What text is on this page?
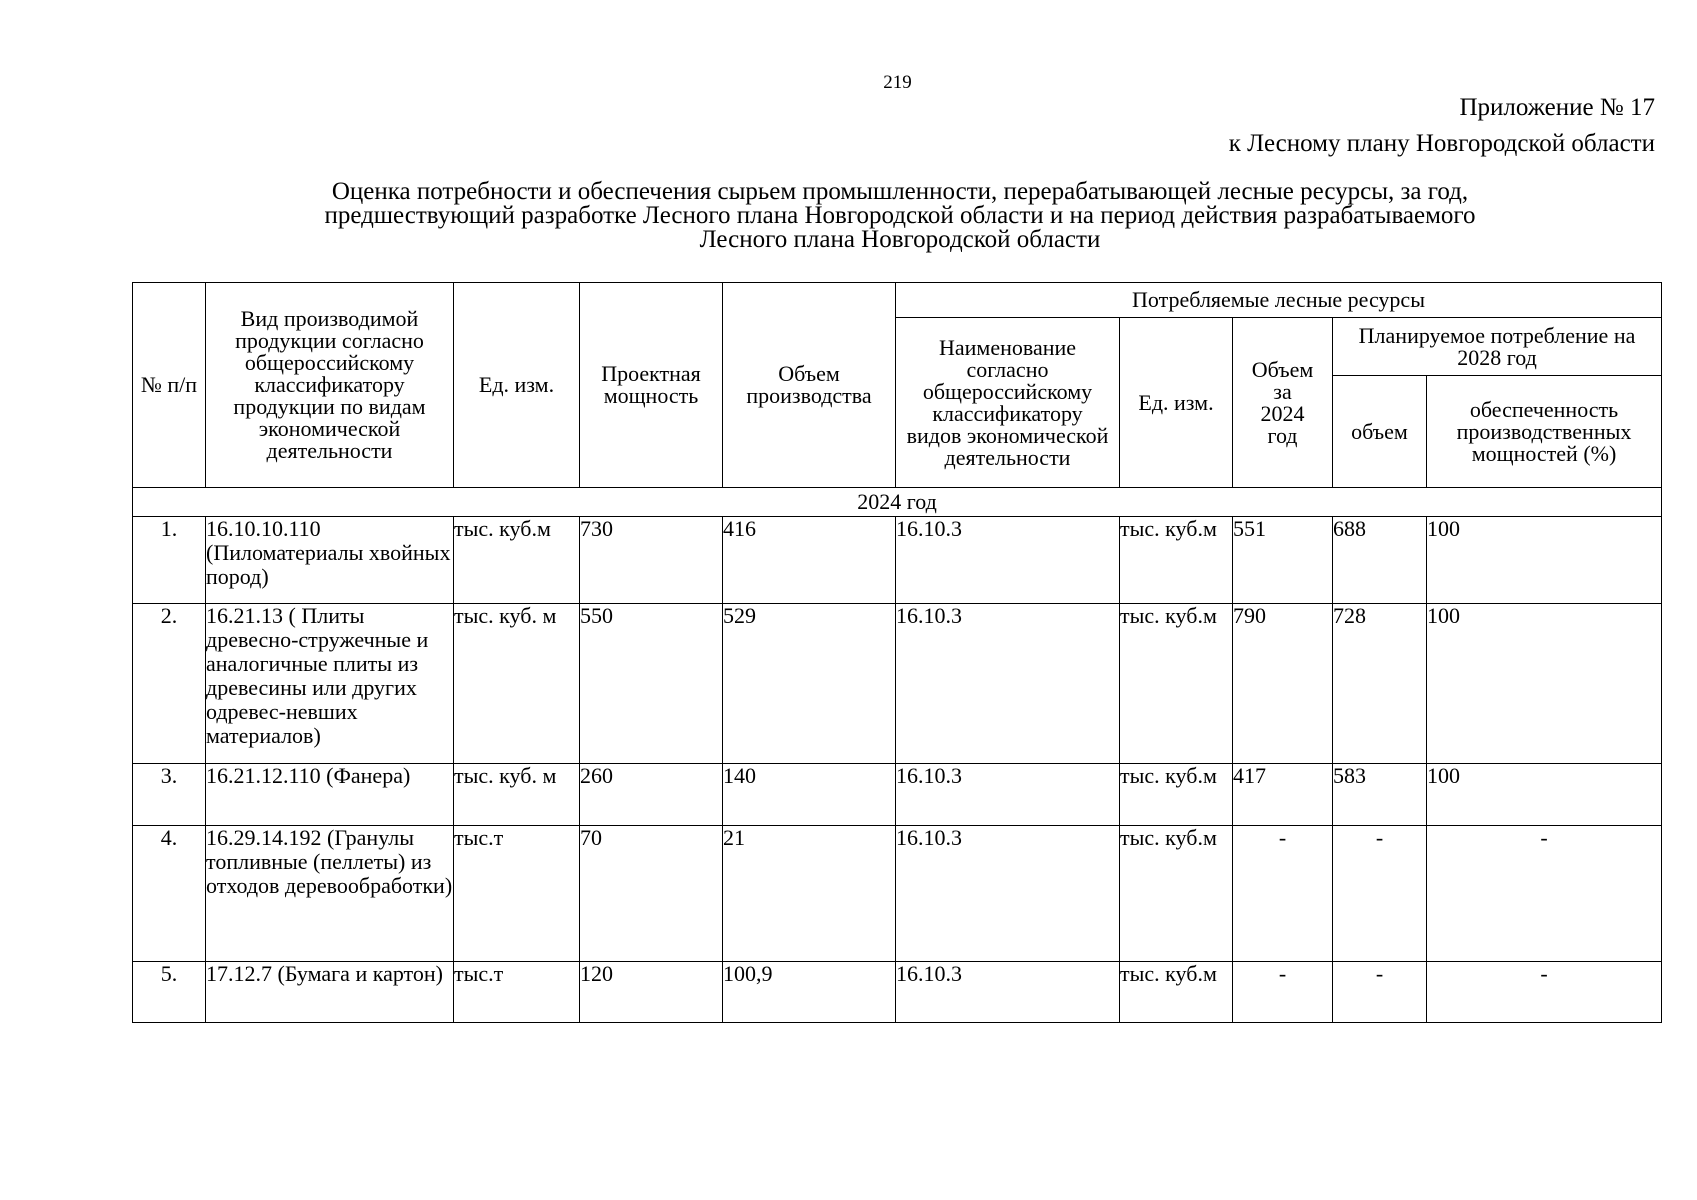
219
Приложение № 17
к Лесному плану Новгородской области
Оценка потребности и обеспечения сырьем промышленности, перерабатывающей лесные ресурсы, за год,
предшествующий разработке Лесного плана Новгородской области и на период действия разрабатываемого
Лесного плана Новгородской области
№ п/п	Вид производимой продукции согласно общероссийскому классификатору продукции по видам экономической деятельности	Ед. изм.	Проектная мощность	Объем производства	Потребляемые лесные ресурсы				
					Наименование согласно общероссийскому классификатору видов экономической деятельности	Ед. изм.	Объем за 2024 год	Планируемое потребление на 2028 год	
								объем	обеспеченность производственных мощностей (%)
2024 год									
1.	16.10.10.110 (Пиломатериалы хвойных пород)	тыс. куб.м	730	416	16.10.3	тыс. куб.м	551	688	100
2.	16.21.13 ( Плиты древесно-стружечные и аналогичные плиты из древесины или других одревес-невших материалов)	тыс. куб. м	550	529	16.10.3	тыс. куб.м	790	728	100
3.	16.21.12.110 (Фанера)	тыс. куб. м	260	140	16.10.3	тыс. куб.м	417	583	100
4.	16.29.14.192 (Гранулы топливные (пеллеты) из отходов деревообработки)	тыс.т	70	21	16.10.3	тыс. куб.м	-	-	-
5.	17.12.7 (Бумага и картон)	тыс.т	120	100,9	16.10.3	тыс. куб.м	-	-	-
